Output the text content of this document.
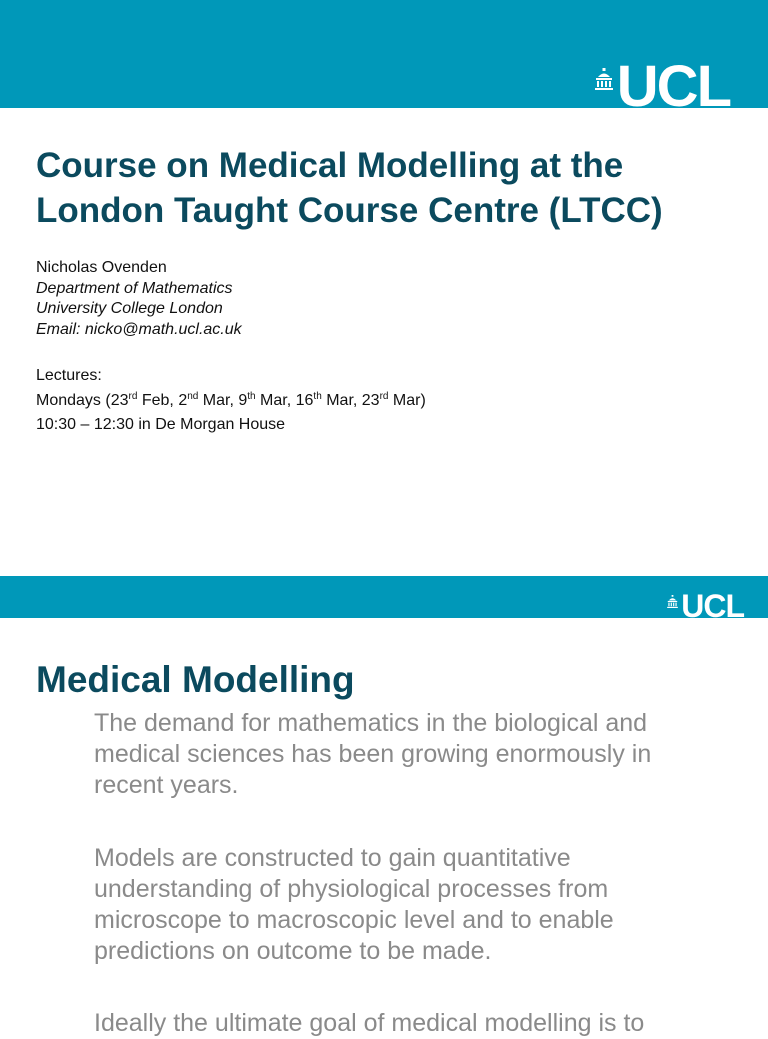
UCL
Course on Medical Modelling at the
London Taught Course Centre (LTCC)
Nicholas Ovenden
Department of Mathematics
University College London
Email: nicko@math.ucl.ac.uk
Lectures:
Mondays (23rd Feb, 2nd Mar, 9th Mar, 16th Mar, 23rd Mar)
10:30 – 12:30 in De Morgan House
UCL
Medical Modelling

The demand for mathematics in the biological and
medical sciences has been growing enormously in
recent years.

Models are constructed to gain quantitative
understanding of physiological processes from
microscope to macroscopic level and to enable
predictions on outcome to be made.

Ideally the ultimate goal of medical modelling is to
